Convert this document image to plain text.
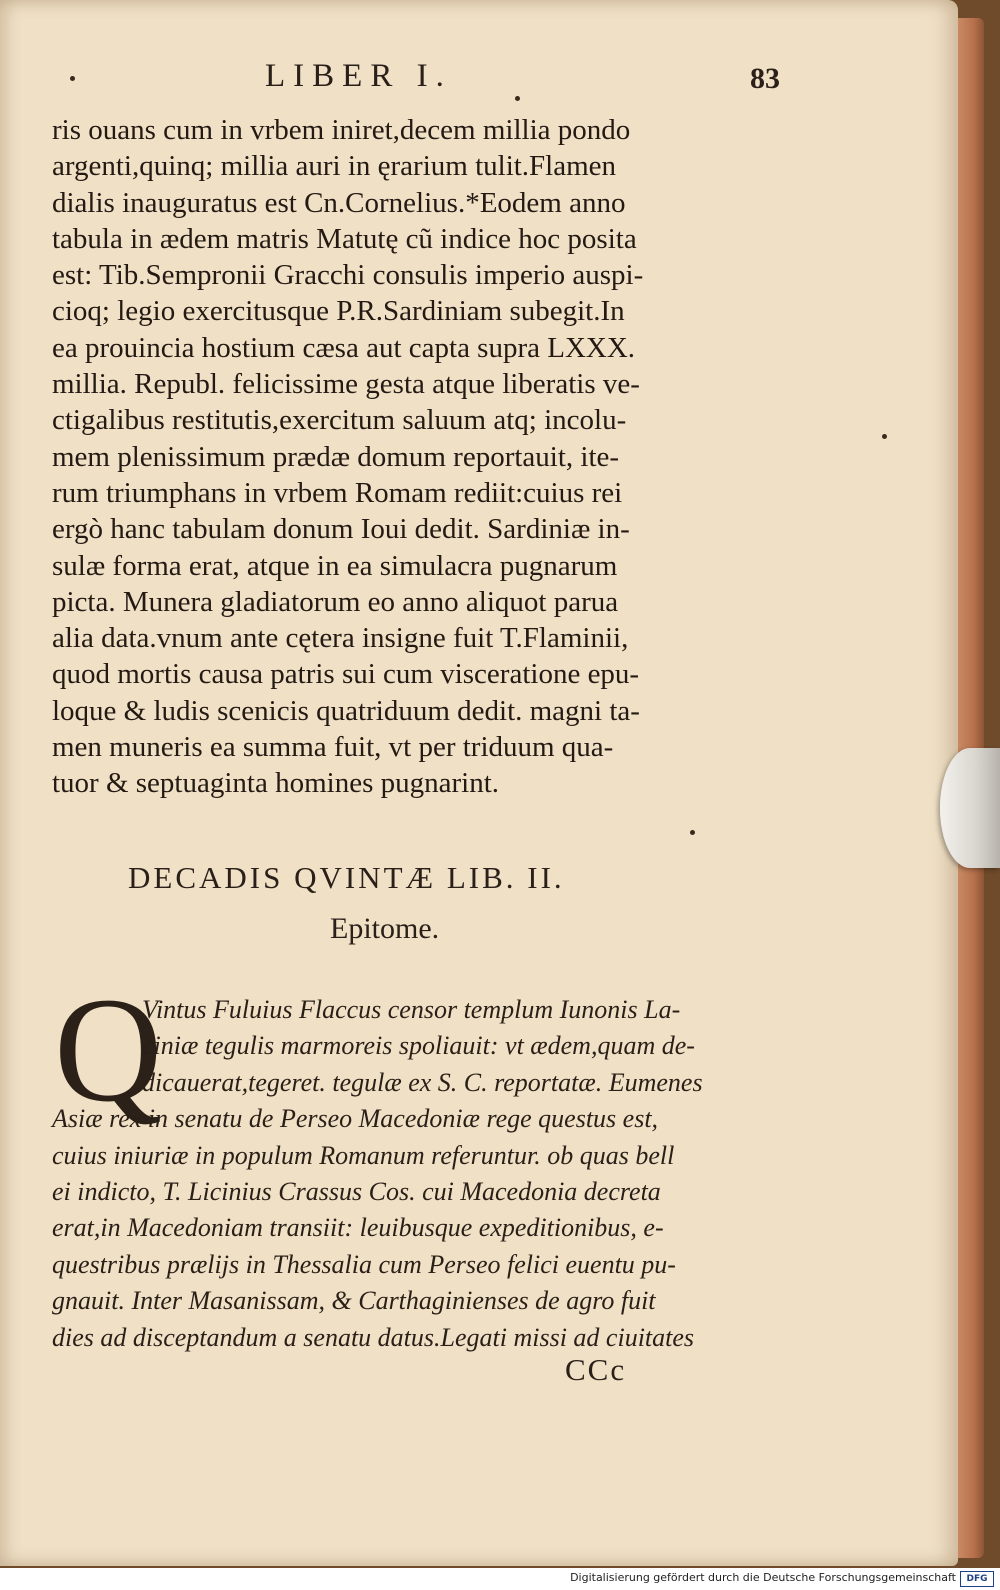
LIBER I.	83
ris ouans cum in vrbem iniret,decem millia pondo
argenti,quinq; millia auri in ęrarium tulit.Flamen
dialis inauguratus est Cn.Cornelius.*Eodem anno
tabula in ædem matris Matutę cũ indice hoc posita
est: Tib.Sempronii Gracchi consulis imperio auspi-
cioq; legio exercitusque P.R.Sardiniam subegit.In
ea prouincia hostium cæsa aut capta supra LXXX.
millia. Republ. felicissime gesta atque liberatis ve-
ctigalibus restitutis,exercitum saluum atq; incolu-
mem plenissimum prædæ domum reportauit, ite-
rum triumphans in vrbem Romam rediit:cuius rei
ergò hanc tabulam donum Ioui dedit. Sardiniæ in-
sulæ forma erat, atque in ea simulacra pugnarum
picta. Munera gladiatorum eo anno aliquot parua
alia data.vnum ante cętera insigne fuit T.Flaminii,
quod mortis causa patris sui cum visceratione epu-
loque & ludis scenicis quatriduum dedit. magni ta-
men muneris ea summa fuit, vt per triduum qua-
tuor & septuaginta homines pugnarint.
DECADIS QVINTÆ LIB. II.
Epitome.
Q
Vintus Fuluius Flaccus censor templum Iunonis La-
ciniæ tegulis marmoreis spoliauit: vt ædem,quam de-
dicauerat,tegeret. tegulæ ex S. C. reportatæ. Eumenes
Asiæ rex in senatu de Perseo Macedoniæ rege questus est,
cuius iniuriæ in populum Romanum referuntur. ob quas bell
ei indicto, T. Licinius Crassus Cos. cui Macedonia decreta
erat,in Macedoniam transiit: leuibusque expeditionibus, e-
questribus prælijs in Thessalia cum Perseo felici euentu pu-
gnauit. Inter Masanissam, & Carthaginienses de agro fuit
dies ad disceptandum a senatu datus.Legati missi ad ciuitates
CCc
Digitalisierung gefördert durch die Deutsche Forschungsgemeinschaft	DFG
